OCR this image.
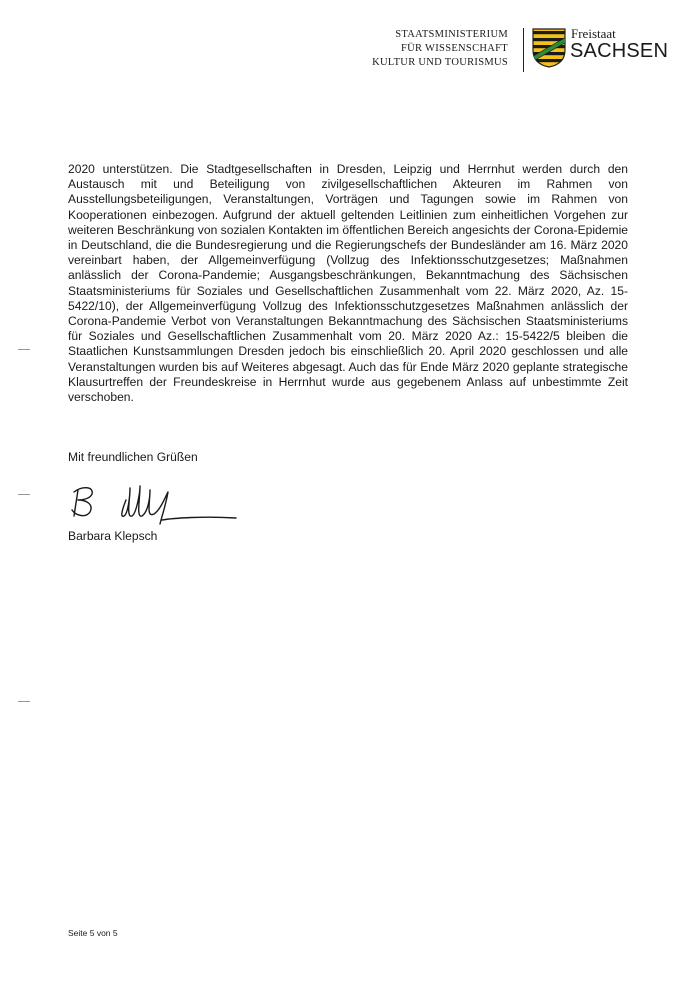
STAATSMINISTERIUM
FÜR WISSENSCHAFT
KULTUR UND TOURISMUS
Freistaat
SACHSEN

2020 unterstützen. Die Stadtgesellschaften in Dresden, Leipzig und Herrnhut werden durch den Austausch mit und Beteiligung von zivilgesellschaftlichen Akteuren im Rahmen von Ausstellungsbeteiligungen, Veranstaltungen, Vorträgen und Tagungen sowie im Rahmen von Kooperationen einbezogen. Aufgrund der aktuell geltenden Leitlinien zum einheitlichen Vorgehen zur weiteren Beschränkung von sozialen Kontakten im öffentlichen Bereich angesichts der Corona-Epidemie in Deutschland, die die Bundesregierung und die Regierungschefs der Bundesländer am 16. März 2020 vereinbart haben, der Allgemeinverfügung (Vollzug des Infektionsschutzgesetzes; Maßnahmen anlässlich der Corona-Pandemie; Ausgangsbeschränkungen, Bekanntmachung des Sächsischen Staatsministeriums für Soziales und Gesellschaftlichen Zusammenhalt vom 22. März 2020, Az. 15-5422/10), der Allgemeinverfügung Vollzug des Infektionsschutzgesetzes Maßnahmen anlässlich der Corona-Pandemie Verbot von Veranstaltungen Bekanntmachung des Sächsischen Staatsministeriums für Soziales und Gesellschaftlichen Zusammenhalt vom 20. März 2020 Az.: 15-5422/5 bleiben die Staatlichen Kunstsammlungen Dresden jedoch bis einschließlich 20. April 2020 geschlossen und alle Veranstaltungen wurden bis auf Weiteres abgesagt. Auch das für Ende März 2020 geplante strategische Klausurtreffen der Freundeskreise in Herrnhut wurde aus gegebenem Anlass auf unbestimmte Zeit verschoben.

Mit freundlichen Grüßen

Barbara Klepsch
Seite 5 von 5
